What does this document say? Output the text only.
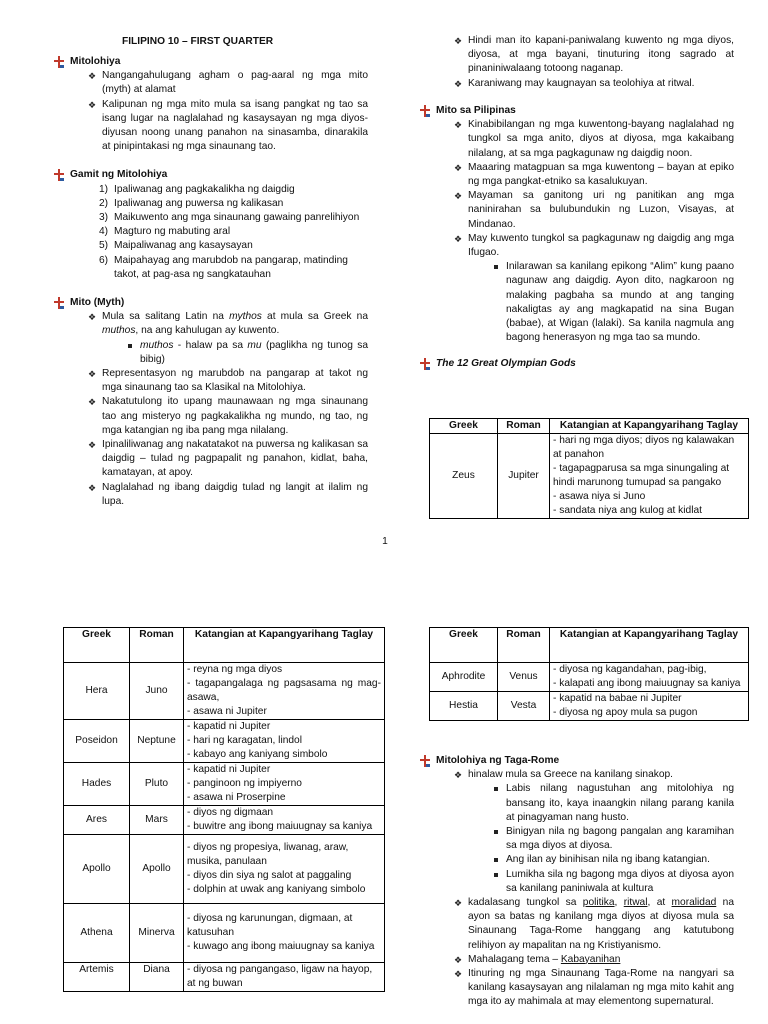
FILIPINO 10 – FIRST QUARTER
Mitolohiya
❖ Nangangahulugang agham o pag-aaral ng mga mito (myth) at alamat
❖ Kalipunan ng mga mito mula sa isang pangkat ng tao sa isang lugar na naglalahad ng kasaysayan ng mga diyos-diyusan noong unang panahon na sinasamba, dinarakila at pinipintakasi ng mga sinaunang tao.
Gamit ng Mitolohiya
1) Ipaliwanag ang pagkakalikha ng daigdig
2) Ipaliwanag ang puwersa ng kalikasan
3) Maikuwento ang mga sinaunang gawaing panrelihiyon
4) Magturo ng mabuting aral
5) Maipaliwanag ang kasaysayan
6) Maipahayag ang marubdob na pangarap, matinding takot, at pag-asa ng sangkatauhan
Mito (Myth)
❖ Mula sa salitang Latin na mythos at mula sa Greek na muthos, na ang kahulugan ay kuwento.
muthos - halaw pa sa mu (paglikha ng tunog sa bibig)
❖ Representasyon ng marubdob na pangarap at takot ng mga sinaunang tao sa Klasikal na Mitolohiya.
❖ Nakatutulong ito upang maunawaan ng mga sinaunang tao ang misteryo ng pagkakalikha ng mundo, ng tao, ng mga katangian ng iba pang mga nilalang.
❖ Ipinaliliwanag ang nakatatakot na puwersa ng kalikasan sa daigdig – tulad ng pagpapalit ng panahon, kidlat, baha, kamatayan, at apoy.
❖ Naglalahad ng ibang daigdig tulad ng langit at ilalim ng lupa.
❖ Hindi man ito kapani-paniwalang kuwento ng mga diyos, diyosa, at mga bayani, tinuturing itong sagrado at pinaniniwalaang totoong naganap.
❖ Karaniwang may kaugnayan sa teolohiya at ritwal.
Mito sa Pilipinas
❖ Kinabibilangan ng mga kuwentong-bayang naglalahad ng tungkol sa mga anito, diyos at diyosa, mga kakaibang nilalang, at sa mga pagkagunaw ng daigdig noon.
❖ Maaaring matagpuan sa mga kuwentong – bayan at epiko ng mga pangkat-etniko sa kasalukuyan.
❖ Mayaman sa ganitong uri ng panitikan ang mga naninirahan sa bulubundukin ng Luzon, Visayas, at Mindanao.
❖ May kuwento tungkol sa pagkagunaw ng daigdig ang mga Ifugao.
Inilarawan sa kanilang epikong “Alim” kung paano nagunaw ang daigdig. Ayon dito, nagkaroon ng malaking pagbaha sa mundo at ang tanging nakaligtas ay ang magkapatid na sina Bugan (babae), at Wigan (lalaki). Sa kanila nagmula ang bagong henerasyon ng mga tao sa mundo.
The 12 Great Olympian Gods
Greek	Roman	Katangian at Kapangyarihang Taglay
Zeus	Jupiter	- hari ng mga diyos; diyos ng kalawakan at panahon
- tagapagparusa sa mga sinungaling at hindi marunong tumupad sa pangako
- asawa niya si Juno
- sandata niya ang kulog at kidlat
1
Greek	Roman	Katangian at Kapangyarihang Taglay
Hera	Juno	- reyna ng mga diyos
- tagapangalaga ng pagsasama ng mag-asawa,
- asawa ni Jupiter

Poseidon	Neptune	- kapatid ni Jupiter
- hari ng karagatan, lindol
- kabayo ang kaniyang simbolo

Hades	Pluto	- kapatid ni Jupiter
- panginoon ng impiyerno
- asawa ni Proserpine

Ares	Mars	- diyos ng digmaan
- buwitre ang ibong maiuugnay sa kaniya

Apollo	Apollo	- diyos ng propesiya, liwanag, araw, musika, panulaan
- diyos din siya ng salot at paggaling
- dolphin at uwak ang kaniyang simbolo

Athena	Minerva	- diyosa ng karunungan, digmaan, at katusuhan
- kuwago ang ibong maiuugnay sa kaniya

Artemis	Diana	- diyosa ng pangangaso, ligaw na hayop, at ng buwan
Greek	Roman	Katangian at Kapangyarihang Taglay
Aphrodite	Venus	- diyosa ng kagandahan, pag-ibig,
- kalapati ang ibong maiuugnay sa kaniya

Hestia	Vesta	- kapatid na babae ni Jupiter
- diyosa ng apoy mula sa pugon
Mitolohiya ng Taga-Rome
❖ hinalaw mula sa Greece na kanilang sinakop.
Labis nilang nagustuhan ang mitolohiya ng bansang ito, kaya inaangkin nilang parang kanila at pinagyaman nang husto.
Binigyan nila ng bagong pangalan ang karamihan sa mga diyos at diyosa.
Ang ilan ay binihisan nila ng ibang katangian.
Lumikha sila ng bagong mga diyos at diyosa ayon sa kanilang paniniwala at kultura
❖ kadalasang tungkol sa politika, ritwal, at moralidad na ayon sa batas ng kanilang mga diyos at diyosa mula sa Sinaunang Taga-Rome hanggang ang katutubong relihiyon ay mapalitan na ng Kristiyanismo.
❖ Mahalagang tema – Kabayanihan
❖ Itinuring ng mga Sinaunang Taga-Rome na nangyari sa kanilang kasaysayan ang nilalaman ng mga mito kahit ang mga ito ay mahimala at may elementong supernatural.
